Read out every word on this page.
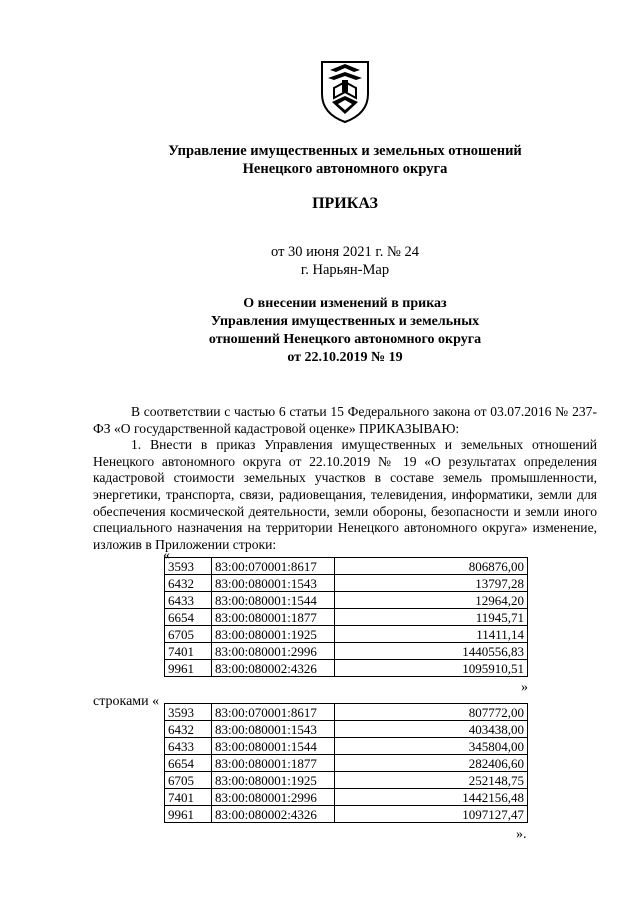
Управление имущественных и земельных отношений
Ненецкого автономного округа
ПРИКАЗ
от 30 июня 2021 г. № 24
г. Нарьян-Мар
О внесении изменений в приказ
Управления имущественных и земельных
отношений Ненецкого автономного округа
от 22.10.2019 № 19

В соответствии с частью 6 статьи 15 Федерального закона от 03.07.2016 № 237-ФЗ «О государственной кадастровой оценке» ПРИКАЗЫВАЮ:

1. Внести в приказ Управления имущественных и земельных отношений Ненецкого автономного округа от 22.10.2019 № 19 «О результатах определения кадастровой стоимости земельных участков в составе земель промышленности, энергетики, транспорта, связи, радиовещания, телевидения, информатики, земли для обеспечения космической деятельности, земли обороны, безопасности и земли иного специального назначения на территории Ненецкого автономного округа» изменение, изложив в Приложении строки:

«
3593	83:00:070001:8617	806876,00
6432	83:00:080001:1543	13797,28
6433	83:00:080001:1544	12964,20
6654	83:00:080001:1877	11945,71
6705	83:00:080001:1925	11411,14
7401	83:00:080001:2996	1440556,83
9961	83:00:080002:4326	1095910,51
»
строками «
3593	83:00:070001:8617	807772,00
6432	83:00:080001:1543	403438,00
6433	83:00:080001:1544	345804,00
6654	83:00:080001:1877	282406,60
6705	83:00:080001:1925	252148,75
7401	83:00:080001:2996	1442156,48
9961	83:00:080002:4326	1097127,47
».
